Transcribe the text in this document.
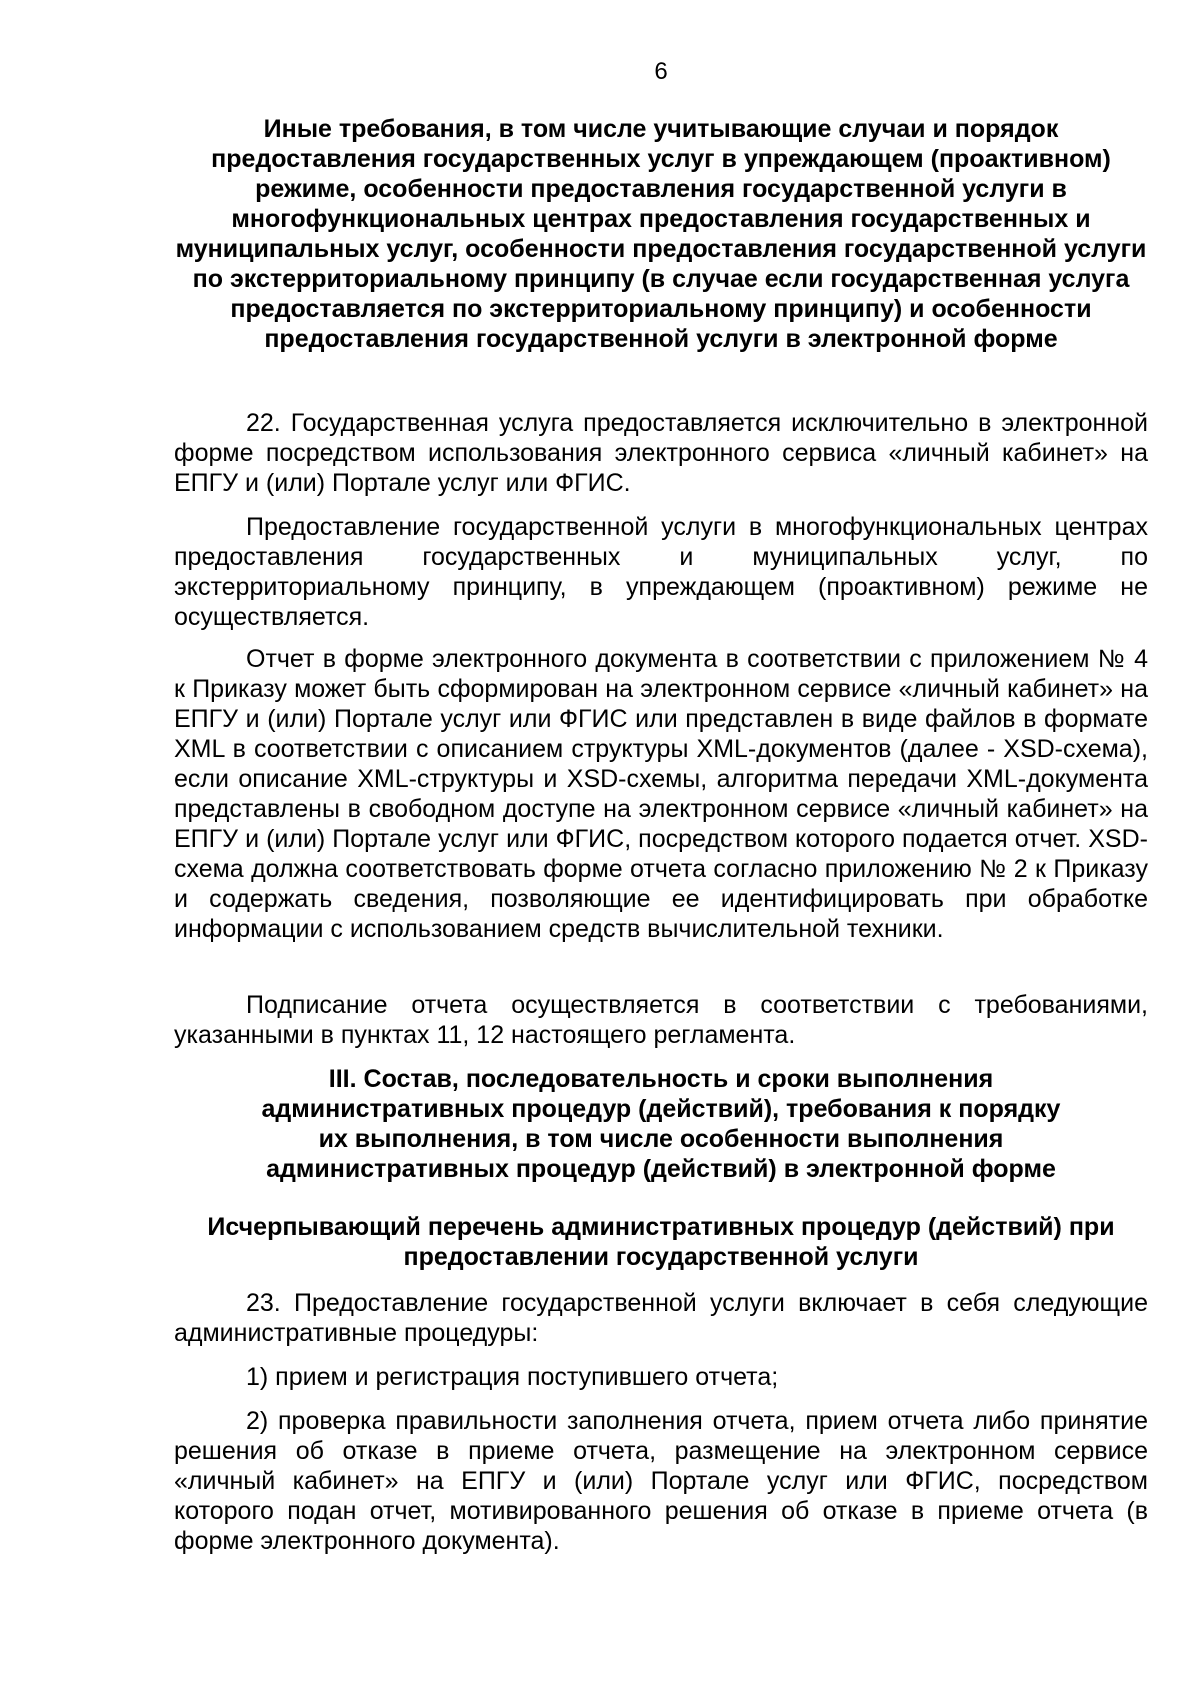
6

Иные требования, в том числе учитывающие случаи и порядок предоставления государственных услуг в упреждающем (проактивном) режиме, особенности предоставления государственной услуги в многофункциональных центрах предоставления государственных и муниципальных услуг, особенности предоставления государственной услуги по экстерриториальному принципу (в случае если государственная услуга предоставляется по экстерриториальному принципу) и особенности предоставления государственной услуги в электронной форме

22. Государственная услуга предоставляется исключительно в электронной форме посредством использования электронного сервиса «личный кабинет» на ЕПГУ и (или) Портале услуг или ФГИС.

Предоставление государственной услуги в многофункциональных центрах предоставления государственных и муниципальных услуг, по экстерриториальному принципу, в упреждающем (проактивном) режиме не осуществляется.

Отчет в форме электронного документа в соответствии с приложением № 4 к Приказу может быть сформирован на электронном сервисе «личный кабинет» на ЕПГУ и (или) Портале услуг или ФГИС или представлен в виде файлов в формате XML в соответствии с описанием структуры XML-документов (далее - XSD-схема), если описание XML-структуры и XSD-схемы, алгоритма передачи XML-документа представлены в свободном доступе на электронном сервисе «личный кабинет» на ЕПГУ и (или) Портале услуг или ФГИС, посредством которого подается отчет. XSD-схема должна соответствовать форме отчета согласно приложению № 2 к Приказу и содержать сведения, позволяющие ее идентифицировать при обработке информации с использованием средств вычислительной техники.

Подписание отчета осуществляется в соответствии с требованиями, указанными в пунктах 11, 12 настоящего регламента.

III. Состав, последовательность и сроки выполнения
административных процедур (действий), требования к порядку
их выполнения, в том числе особенности выполнения
административных процедур (действий) в электронной форме

Исчерпывающий перечень административных процедур (действий) при предоставлении государственной услуги

23. Предоставление государственной услуги включает в себя следующие административные процедуры:

1) прием и регистрация поступившего отчета;

2) проверка правильности заполнения отчета, прием отчета либо принятие решения об отказе в приеме отчета, размещение на электронном сервисе «личный кабинет» на ЕПГУ и (или) Портале услуг или ФГИС, посредством которого подан отчет, мотивированного решения об отказе в приеме отчета (в форме электронного документа).
